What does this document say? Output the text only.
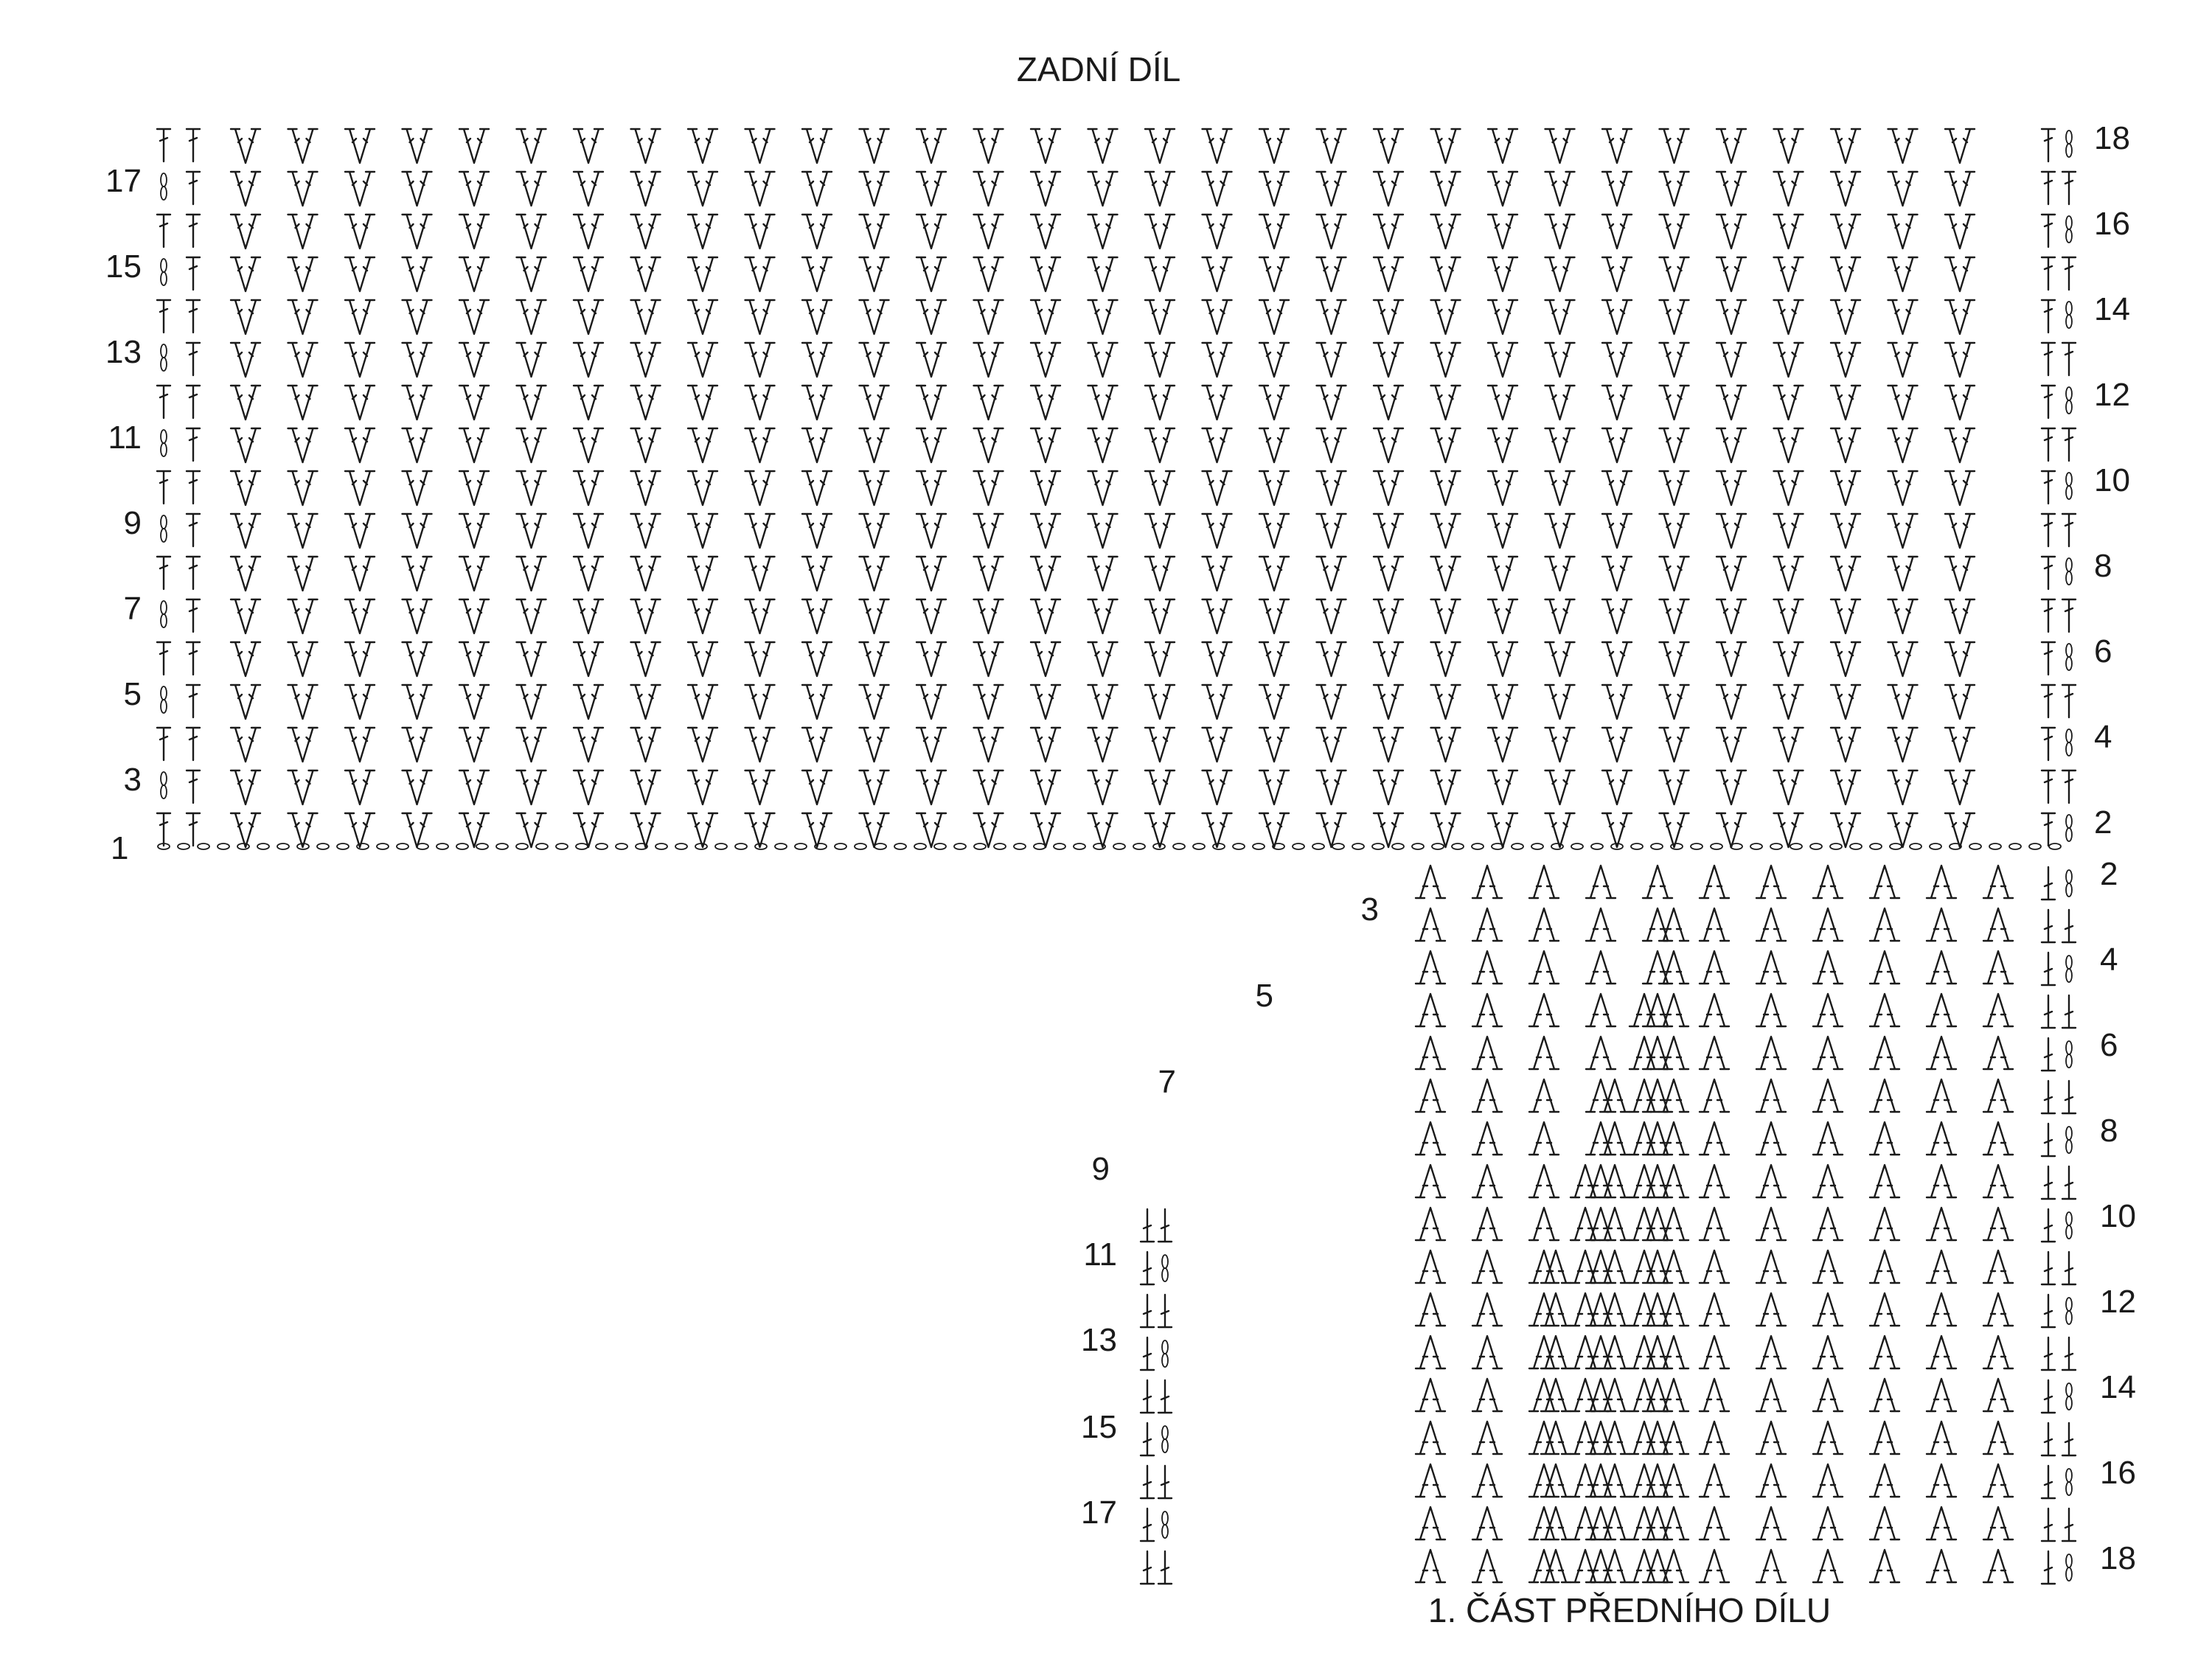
ZADNÍ DÍL
1. ČÁST PŘEDNÍHO DÍLU
1
17
15
13
11
9
7
5
3
18
16
14
12
10
8
6
4
2
3
5
7
9
11
13
15
17
2
4
6
8
10
12
14
16
18
